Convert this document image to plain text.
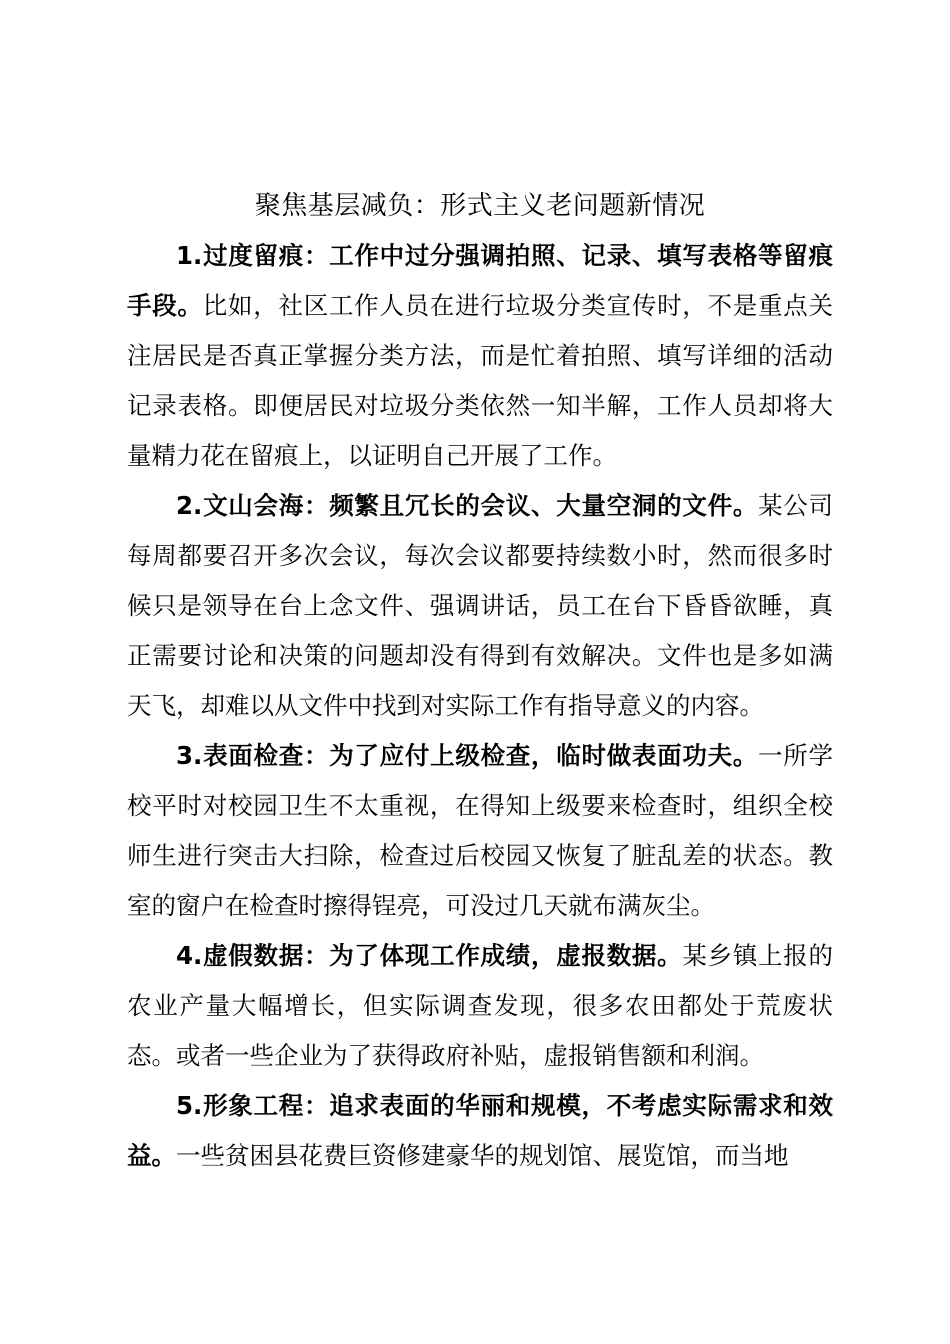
聚焦基层减负：形式主义老问题新情况

1.过度留痕：工作中过分强调拍照、记录、填写表格等留痕手段。比如，社区工作人员在进行垃圾分类宣传时，不是重点关注居民是否真正掌握分类方法，而是忙着拍照、填写详细的活动记录表格。即便居民对垃圾分类依然一知半解，工作人员却将大量精力花在留痕上，以证明自己开展了工作。

2.文山会海：频繁且冗长的会议、大量空洞的文件。某公司每周都要召开多次会议，每次会议都要持续数小时，然而很多时候只是领导在台上念文件、强调讲话，员工在台下昏昏欲睡，真正需要讨论和决策的问题却没有得到有效解决。文件也是多如满天飞，却难以从文件中找到对实际工作有指导意义的内容。

3.表面检查：为了应付上级检查，临时做表面功夫。一所学校平时对校园卫生不太重视，在得知上级要来检查时，组织全校师生进行突击大扫除，检查过后校园又恢复了脏乱差的状态。教室的窗户在检查时擦得锃亮，可没过几天就布满灰尘。

4.虚假数据：为了体现工作成绩，虚报数据。某乡镇上报的农业产量大幅增长，但实际调查发现，很多农田都处于荒废状态。或者一些企业为了获得政府补贴，虚报销售额和利润。

5.形象工程：追求表面的华丽和规模，不考虑实际需求和效益。一些贫困县花费巨资修建豪华的规划馆、展览馆，而当地
